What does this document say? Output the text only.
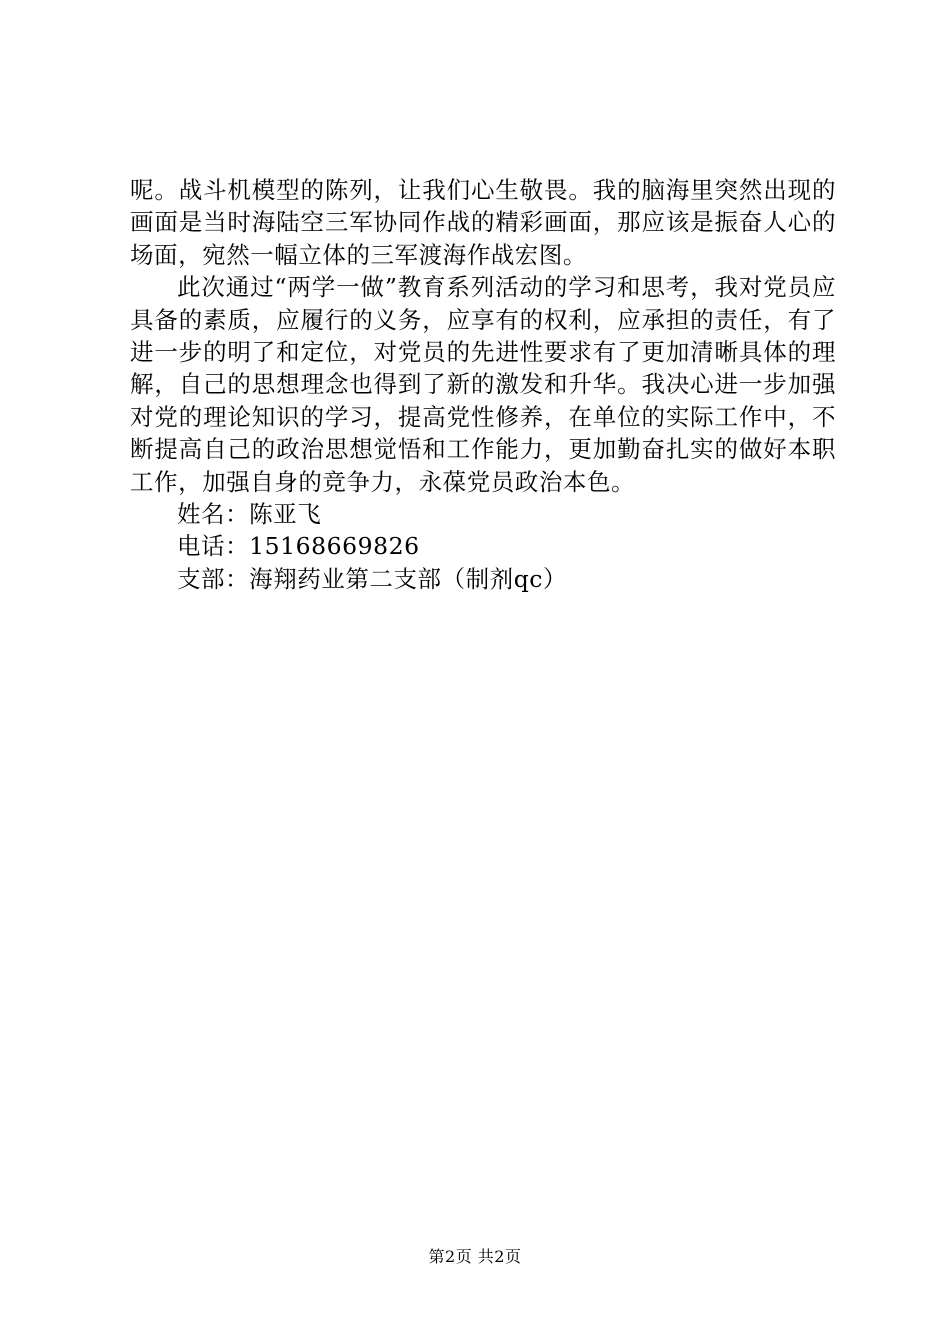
呢。战斗机模型的陈列，让我们心生敬畏。我的脑海里突然出现的画面是当时海陆空三军协同作战的精彩画面，那应该是振奋人心的场面，宛然一幅立体的三军渡海作战宏图。

此次通过“两学一做”教育系列活动的学习和思考，我对党员应具备的素质，应履行的义务，应享有的权利，应承担的责任，有了进一步的明了和定位，对党员的先进性要求有了更加清晰具体的理解，自己的思想理念也得到了新的激发和升华。我决心进一步加强对党的理论知识的学习，提高党性修养，在单位的实际工作中，不断提高自己的政治思想觉悟和工作能力，更加勤奋扎实的做好本职工作，加强自身的竞争力，永葆党员政治本色。

姓名：陈亚飞

电话：15168669826

支部：海翔药业第二支部（制剂qc）

第2页 共2页
